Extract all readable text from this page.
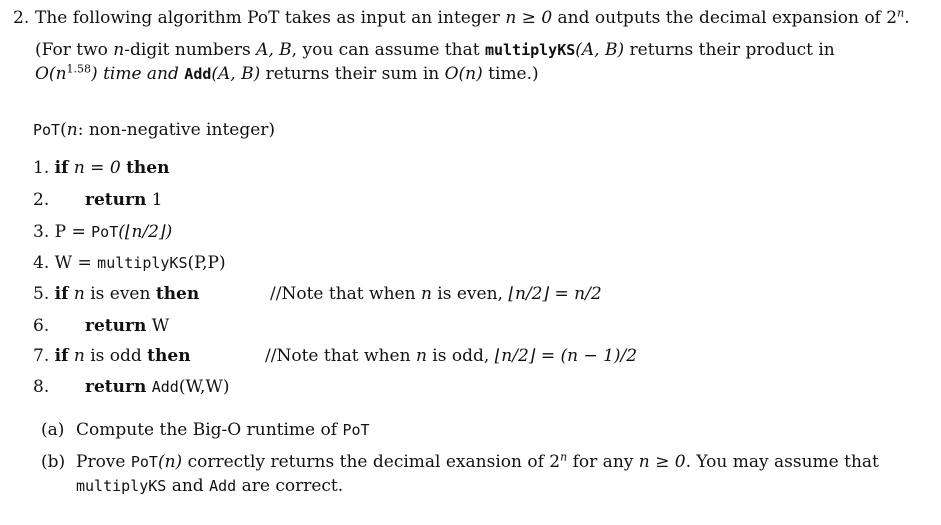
2. The following algorithm PoT takes as input an integer n ≥ 0 and outputs the decimal expansion of 2$^n$.
(For two n-digit numbers A, B, you can assume that multiplyKS(A, B) returns their product in
$O(n^{1.58})$ time and Add(A, B) returns their sum in O(n) time.)
PoT(n: non-negative integer)
1. if n = 0 then
2. return 1
3. P = PoT(⌊n/2⌋)
4. W = multiplyKS(P,P)
5. if n is even then	//Note that when n is even, ⌊n/2⌋ = n/2
6. return W
7. if n is odd then	//Note that when n is odd, ⌊n/2⌋ = (n − 1)/2
8. return Add(W,W)
(a) Compute the Big-O runtime of PoT
(b) Prove PoT(n) correctly returns the decimal exansion of 2$^n$ for any n ≥ 0. You may assume that
multiplyKS and Add are correct.
